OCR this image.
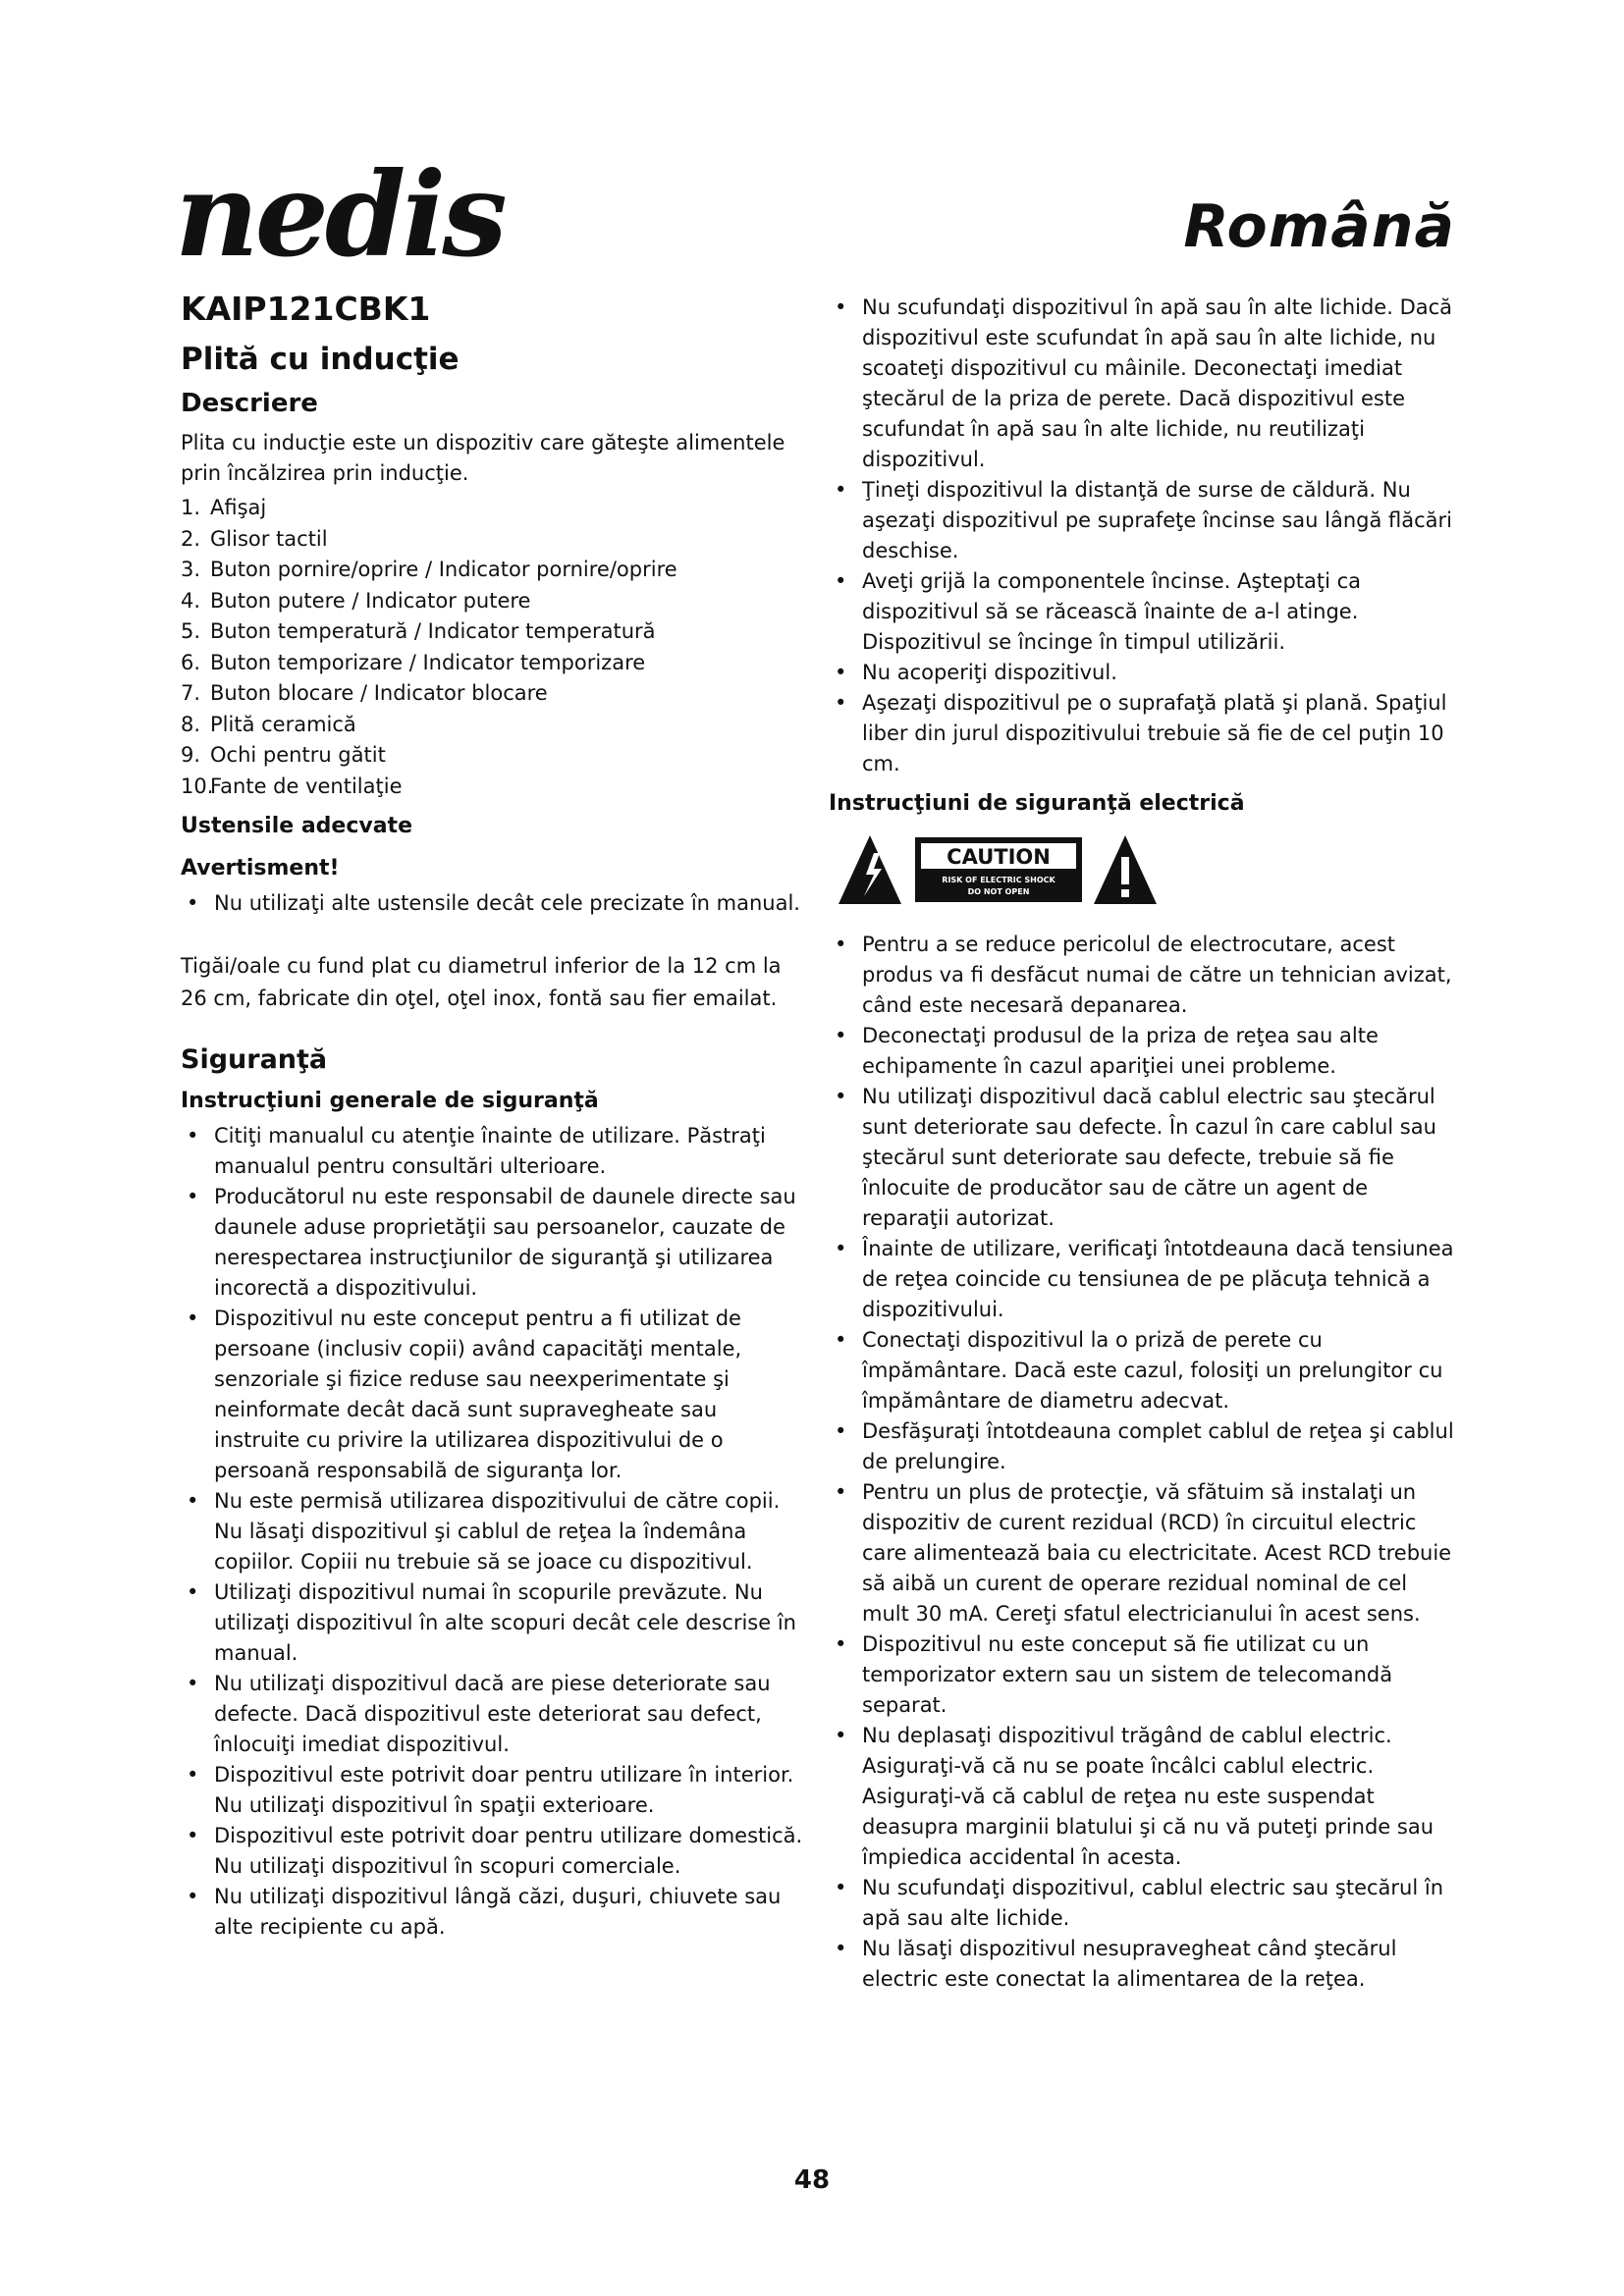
nedis	Română
KAIP121CBK1
Plită cu inducţie
Descriere

Plita cu inducţie este un dispozitiv care găteşte alimentele prin încălzirea prin inducţie.

1. Afişaj
2. Glisor tactil
3. Buton pornire/oprire / Indicator pornire/oprire
4. Buton putere / Indicator putere
5. Buton temperatură / Indicator temperatură
6. Buton temporizare / Indicator temporizare
7. Buton blocare / Indicator blocare
8. Plită ceramică
9. Ochi pentru gătit
10.Fante de ventilaţie
Ustensile adecvate
Avertisment!
• Nu utilizaţi alte ustensile decât cele precizate în manual.

Tigăi/oale cu fund plat cu diametrul inferior de la 12 cm la 26 cm, fabricate din oţel, oţel inox, fontă sau fier emailat.

Siguranţă
Instrucţiuni generale de siguranţă
• Citiţi manualul cu atenţie înainte de utilizare. Păstraţi manualul pentru consultări ulterioare.
• Producătorul nu este responsabil de daunele directe sau daunele aduse proprietăţii sau persoanelor, cauzate de nerespectarea instrucţiunilor de siguranţă şi utilizarea incorectă a dispozitivului.
• Dispozitivul nu este conceput pentru a fi utilizat de persoane (inclusiv copii) având capacităţi mentale, senzoriale şi fizice reduse sau neexperimentate şi neinformate decât dacă sunt supravegheate sau instruite cu privire la utilizarea dispozitivului de o persoană responsabilă de siguranţa lor.
• Nu este permisă utilizarea dispozitivului de către copii. Nu lăsaţi dispozitivul şi cablul de reţea la îndemâna copiilor. Copiii nu trebuie să se joace cu dispozitivul.
• Utilizaţi dispozitivul numai în scopurile prevăzute. Nu utilizaţi dispozitivul în alte scopuri decât cele descrise în manual.
• Nu utilizaţi dispozitivul dacă are piese deteriorate sau defecte. Dacă dispozitivul este deteriorat sau defect, înlocuiţi imediat dispozitivul.
• Dispozitivul este potrivit doar pentru utilizare în interior. Nu utilizaţi dispozitivul în spaţii exterioare.
• Dispozitivul este potrivit doar pentru utilizare domestică. Nu utilizaţi dispozitivul în scopuri comerciale.
• Nu utilizaţi dispozitivul lângă căzi, duşuri, chiuvete sau alte recipiente cu apă.
• Nu scufundaţi dispozitivul în apă sau în alte lichide. Dacă dispozitivul este scufundat în apă sau în alte lichide, nu scoateţi dispozitivul cu mâinile. Deconectaţi imediat ştecărul de la priza de perete. Dacă dispozitivul este scufundat în apă sau în alte lichide, nu reutilizaţi dispozitivul.
• Ţineţi dispozitivul la distanţă de surse de căldură. Nu aşezaţi dispozitivul pe suprafeţe încinse sau lângă flăcări deschise.
• Aveţi grijă la componentele încinse. Aşteptaţi ca dispozitivul să se răcească înainte de a-l atinge. Dispozitivul se încinge în timpul utilizării.
• Nu acoperiţi dispozitivul.
• Aşezaţi dispozitivul pe o suprafaţă plată şi plană. Spaţiul liber din jurul dispozitivului trebuie să fie de cel puţin 10 cm.
Instrucţiuni de siguranţă electrică
CAUTION
RISK OF ELECTRIC SHOCK
DO NOT OPEN
• Pentru a se reduce pericolul de electrocutare, acest produs va fi desfăcut numai de către un tehnician avizat, când este necesară depanarea.
• Deconectaţi produsul de la priza de reţea sau alte echipamente în cazul apariţiei unei probleme.
• Nu utilizaţi dispozitivul dacă cablul electric sau ştecărul sunt deteriorate sau defecte. În cazul în care cablul sau ştecărul sunt deteriorate sau defecte, trebuie să fie înlocuite de producător sau de către un agent de reparaţii autorizat.
• Înainte de utilizare, verificaţi întotdeauna dacă tensiunea de reţea coincide cu tensiunea de pe plăcuţa tehnică a dispozitivului.
• Conectaţi dispozitivul la o priză de perete cu împământare. Dacă este cazul, folosiţi un prelungitor cu împământare de diametru adecvat.
• Desfăşuraţi întotdeauna complet cablul de reţea şi cablul de prelungire.
• Pentru un plus de protecţie, vă sfătuim să instalaţi un dispozitiv de curent rezidual (RCD) în circuitul electric care alimentează baia cu electricitate. Acest RCD trebuie să aibă un curent de operare rezidual nominal de cel mult 30 mA. Cereţi sfatul electricianului în acest sens.
• Dispozitivul nu este conceput să fie utilizat cu un temporizator extern sau un sistem de telecomandă separat.
• Nu deplasaţi dispozitivul trăgând de cablul electric. Asiguraţi-vă că nu se poate încâlci cablul electric. Asiguraţi-vă că cablul de reţea nu este suspendat deasupra marginii blatului şi că nu vă puteţi prinde sau împiedica accidental în acesta.
• Nu scufundaţi dispozitivul, cablul electric sau ştecărul în apă sau alte lichide.
• Nu lăsaţi dispozitivul nesupravegheat când ştecărul electric este conectat la alimentarea de la reţea.
48
